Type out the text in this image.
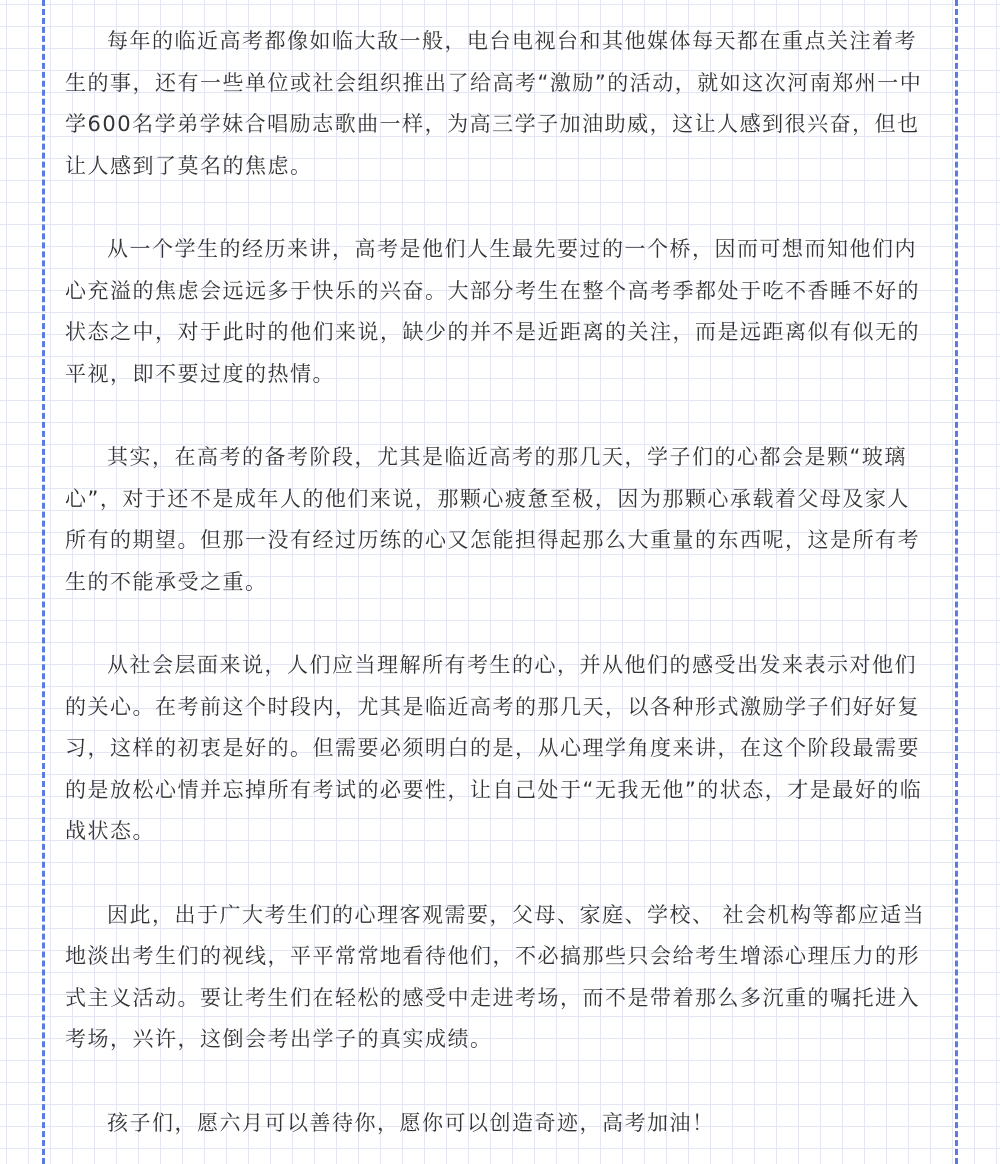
每年的临近高考都像如临大敌一般，电台电视台和其他媒体每天都在重点关注着考生的事，还有一些单位或社会组织推出了给高考“激励”的活动，就如这次河南郑州一中学600名学弟学妹合唱励志歌曲一样，为高三学子加油助威，这让人感到很兴奋，但也让人感到了莫名的焦虑。

从一个学生的经历来讲，高考是他们人生最先要过的一个桥，因而可想而知他们内心充溢的焦虑会远远多于快乐的兴奋。大部分考生在整个高考季都处于吃不香睡不好的状态之中，对于此时的他们来说，缺少的并不是近距离的关注，而是远距离似有似无的平视，即不要过度的热情。

其实，在高考的备考阶段，尤其是临近高考的那几天，学子们的心都会是颗“玻璃心”，对于还不是成年人的他们来说，那颗心疲惫至极，因为那颗心承载着父母及家人所有的期望。但那一没有经过历练的心又怎能担得起那么大重量的东西呢，这是所有考生的不能承受之重。

从社会层面来说，人们应当理解所有考生的心，并从他们的感受出发来表示对他们的关心。在考前这个时段内，尤其是临近高考的那几天，以各种形式激励学子们好好复习，这样的初衷是好的。但需要必须明白的是，从心理学角度来讲，在这个阶段最需要的是放松心情并忘掉所有考试的必要性，让自己处于“无我无他”的状态，才是最好的临战状态。

因此，出于广大考生们的心理客观需要，父母、家庭、学校、 社会机构等都应适当地淡出考生们的视线，平平常常地看待他们，不必搞那些只会给考生增添心理压力的形式主义活动。要让考生们在轻松的感受中走进考场，而不是带着那么多沉重的嘱托进入考场，兴许，这倒会考出学子的真实成绩。

孩子们，愿六月可以善待你，愿你可以创造奇迹，高考加油！
